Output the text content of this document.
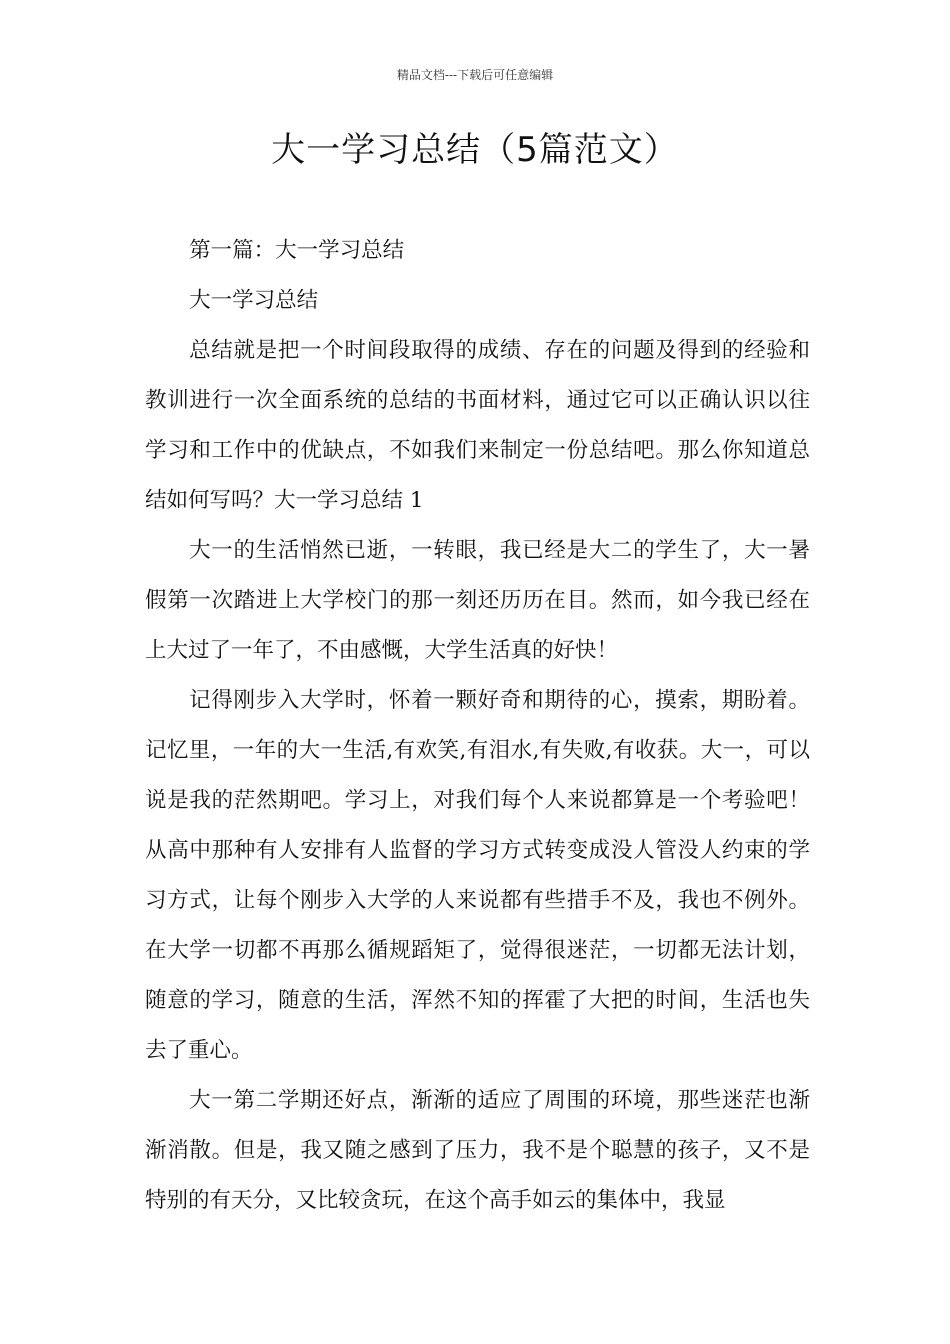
精品文档---下载后可任意编辑
大一学习总结（5篇范文）

第一篇：大一学习总结

大一学习总结

总结就是把一个时间段取得的成绩、存在的问题及得到的经验和教训进行一次全面系统的总结的书面材料，通过它可以正确认识以往学习和工作中的优缺点，不如我们来制定一份总结吧。那么你知道总结如何写吗？大一学习总结 1

大一的生活悄然已逝，一转眼，我已经是大二的学生了，大一暑假第一次踏进上大学校门的那一刻还历历在目。然而，如今我已经在上大过了一年了，不由感慨，大学生活真的好快！

记得刚步入大学时，怀着一颗好奇和期待的心，摸索，期盼着。记忆里，一年的大一生活,有欢笑,有泪水,有失败,有收获。大一，可以说是我的茫然期吧。学习上，对我们每个人来说都算是一个考验吧！从高中那种有人安排有人监督的学习方式转变成没人管没人约束的学习方式，让每个刚步入大学的人来说都有些措手不及，我也不例外。在大学一切都不再那么循规蹈矩了，觉得很迷茫，一切都无法计划，随意的学习，随意的生活，浑然不知的挥霍了大把的时间，生活也失去了重心。

大一第二学期还好点，渐渐的适应了周围的环境，那些迷茫也渐渐消散。但是，我又随之感到了压力，我不是个聪慧的孩子，又不是特别的有天分，又比较贪玩，在这个高手如云的集体中，我显
